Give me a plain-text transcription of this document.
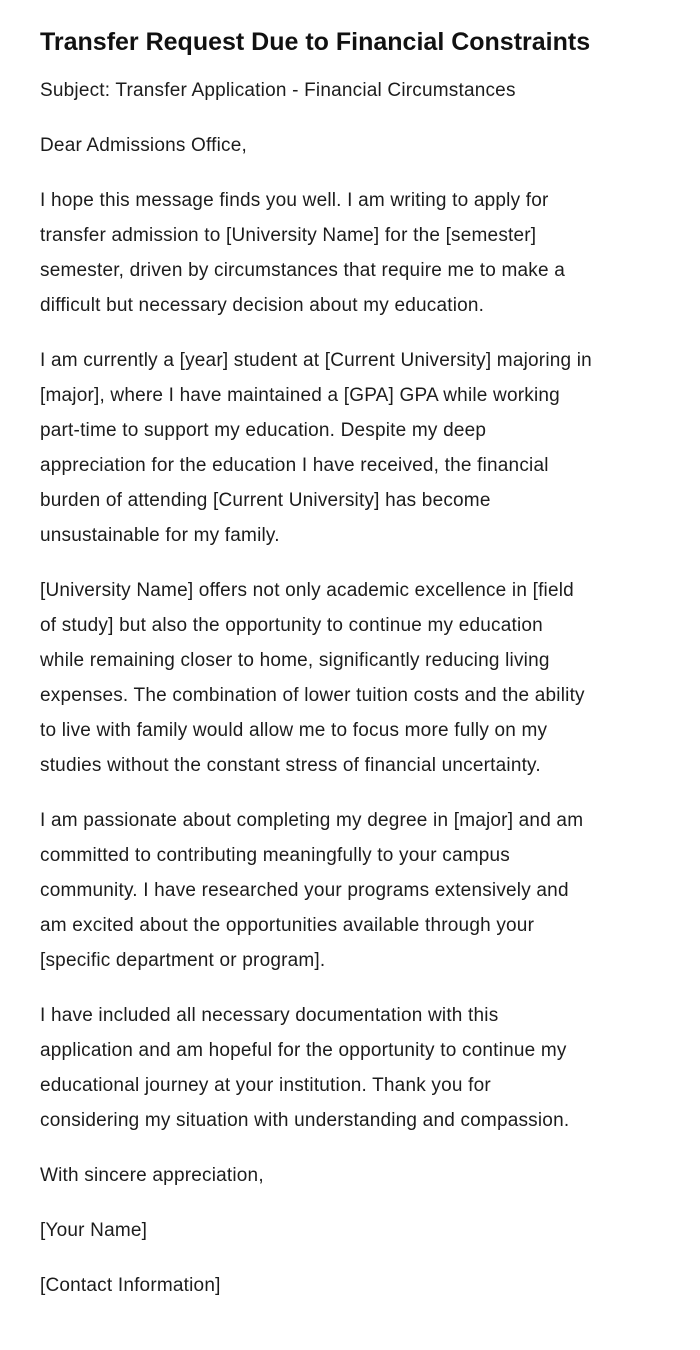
Transfer Request Due to Financial Constraints

Subject: Transfer Application - Financial Circumstances

Dear Admissions Office,

I hope this message finds you well. I am writing to apply for transfer admission to [University Name] for the [semester] semester, driven by circumstances that require me to make a difficult but necessary decision about my education.

I am currently a [year] student at [Current University] majoring in [major], where I have maintained a [GPA] GPA while working part-time to support my education. Despite my deep appreciation for the education I have received, the financial burden of attending [Current University] has become unsustainable for my family.

[University Name] offers not only academic excellence in [field of study] but also the opportunity to continue my education while remaining closer to home, significantly reducing living expenses. The combination of lower tuition costs and the ability to live with family would allow me to focus more fully on my studies without the constant stress of financial uncertainty.

I am passionate about completing my degree in [major] and am committed to contributing meaningfully to your campus community. I have researched your programs extensively and am excited about the opportunities available through your [specific department or program].

I have included all necessary documentation with this application and am hopeful for the opportunity to continue my educational journey at your institution. Thank you for considering my situation with understanding and compassion.

With sincere appreciation,

[Your Name]

[Contact Information]
